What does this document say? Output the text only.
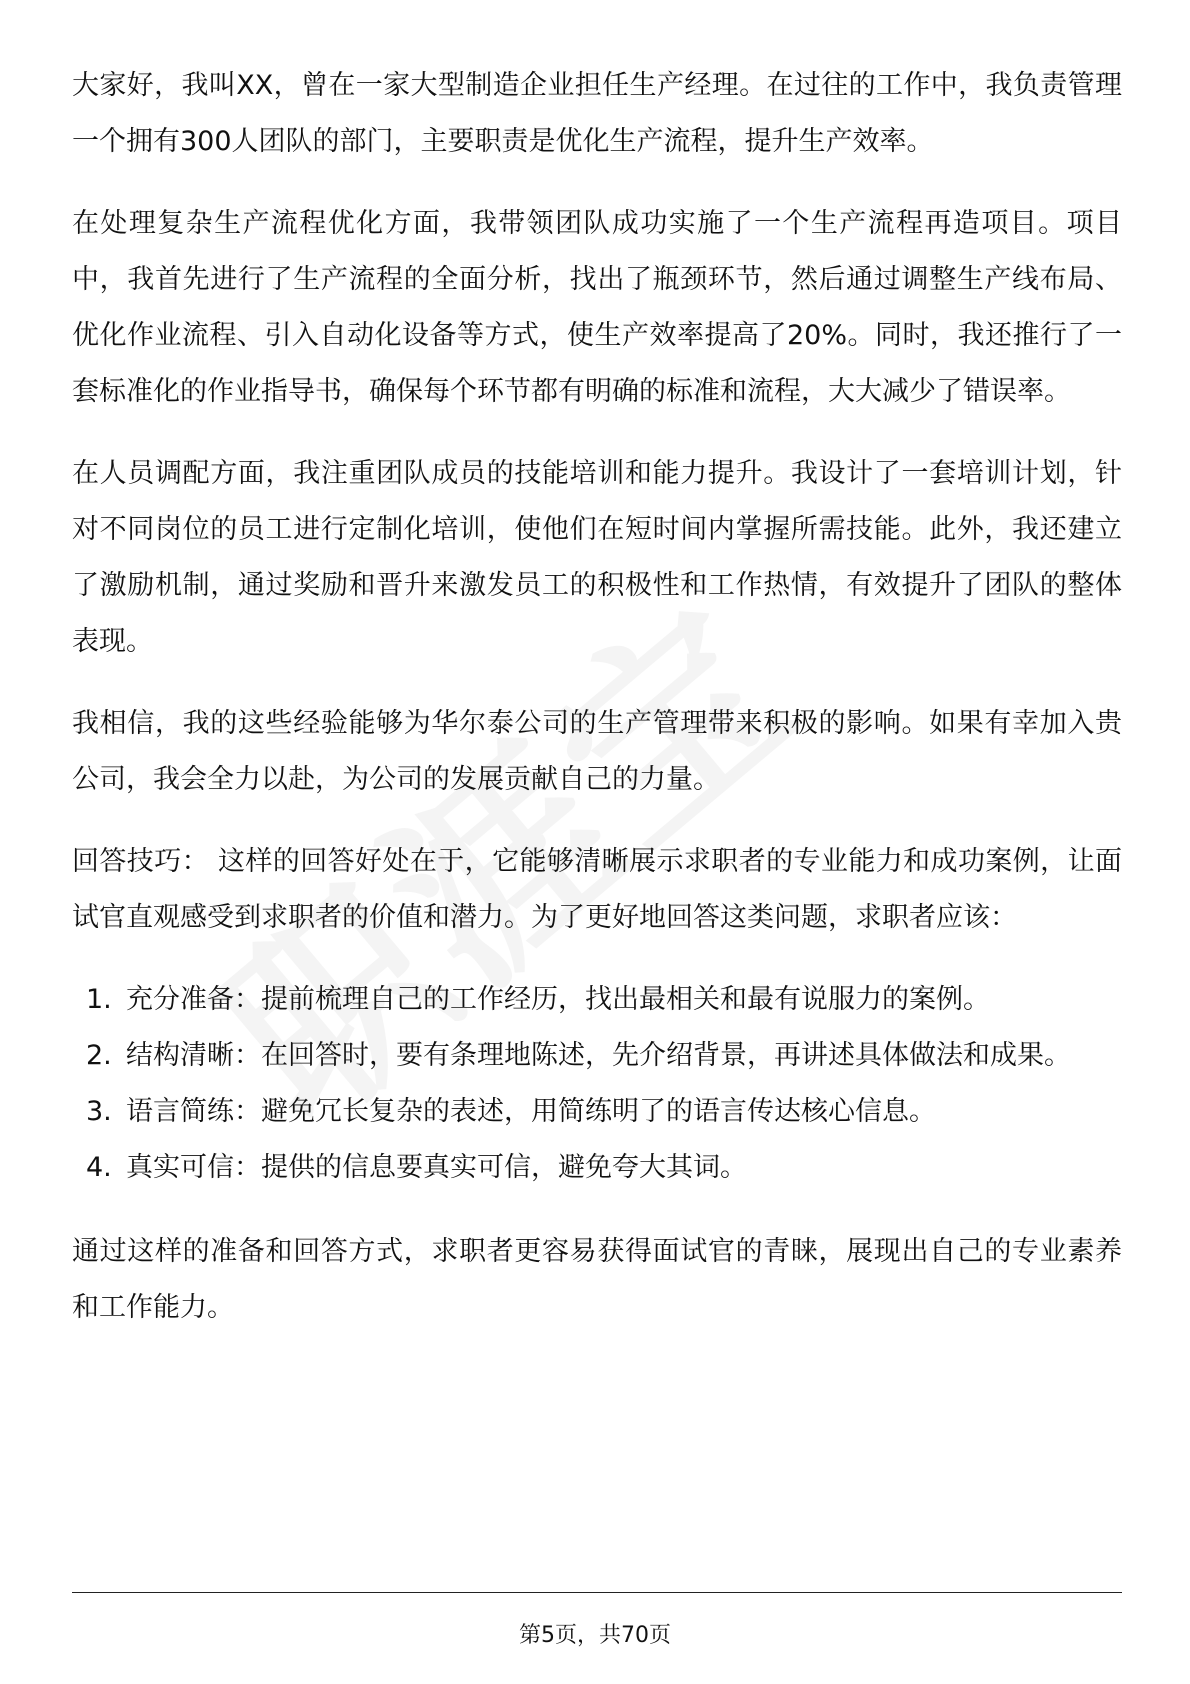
大家好，我叫XX，曾在一家大型制造企业担任生产经理。在过往的工作中，我负责管理一个拥有300人团队的部门，主要职责是优化生产流程，提升生产效率。

在处理复杂生产流程优化方面，我带领团队成功实施了一个生产流程再造项目。项目中，我首先进行了生产流程的全面分析，找出了瓶颈环节，然后通过调整生产线布局、优化作业流程、引入自动化设备等方式，使生产效率提高了20%。同时，我还推行了一套标准化的作业指导书，确保每个环节都有明确的标准和流程，大大减少了错误率。

在人员调配方面，我注重团队成员的技能培训和能力提升。我设计了一套培训计划，针对不同岗位的员工进行定制化培训，使他们在短时间内掌握所需技能。此外，我还建立了激励机制，通过奖励和晋升来激发员工的积极性和工作热情，有效提升了团队的整体表现。

我相信，我的这些经验能够为华尔泰公司的生产管理带来积极的影响。如果有幸加入贵公司，我会全力以赴，为公司的发展贡献自己的力量。

回答技巧： 这样的回答好处在于，它能够清晰展示求职者的专业能力和成功案例，让面试官直观感受到求职者的价值和潜力。为了更好地回答这类问题，求职者应该：

1. 充分准备：提前梳理自己的工作经历，找出最相关和最有说服力的案例。
2. 结构清晰：在回答时，要有条理地陈述，先介绍背景，再讲述具体做法和成果。
3. 语言简练：避免冗长复杂的表述，用简练明了的语言传达核心信息。
4. 真实可信：提供的信息要真实可信，避免夸大其词。

通过这样的准备和回答方式，求职者更容易获得面试官的青睐，展现出自己的专业素养和工作能力。

第5页，共70页
